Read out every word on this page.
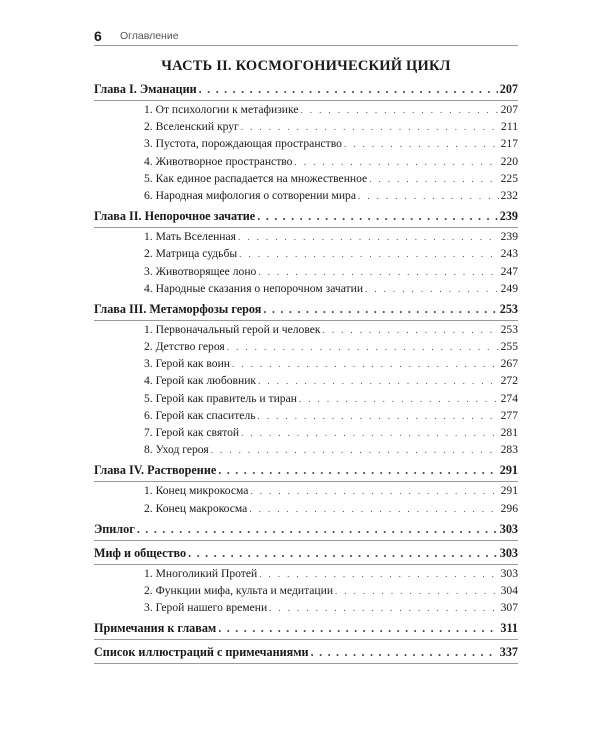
6 Оглавление
ЧАСТЬ II. КОСМОГОНИЧЕСКИЙ ЦИКЛ
Глава I. Эманации . . .	207
1. От психологии к метафизике . . .	207
2. Вселенский круг . . .	211
3. Пустота, порождающая пространство . . .	217
4. Животворное пространство . . .	220
5. Как единое распадается на множественное . . .	225
6. Народная мифология о сотворении мира . . .	232
Глава II. Непорочное зачатие . . .	239
1. Мать Вселенная . . .	239
2. Матрица судьбы . . .	243
3. Животворящее лоно . . .	247
4. Народные сказания о непорочном зачатии . . .	249
Глава III. Метаморфозы героя . . .	253
1. Первоначальный герой и человек . . .	253
2. Детство героя . . .	255
3. Герой как воин . . .	267
4. Герой как любовник . . .	272
5. Герой как правитель и тиран . . .	274
6. Герой как спаситель . . .	277
7. Герой как святой . . .	281
8. Уход героя . . .	283
Глава IV. Растворение . . .	291
1. Конец микрокосма . . .	291
2. Конец макрокосма . . .	296
Эпилог . . .	303
Миф и общество . . .	303
1. Многоликий Протей . . .	303
2. Функции мифа, культа и медитации . . .	304
3. Герой нашего времени . . .	307
Примечания к главам . . .	311
Список иллюстраций с примечаниями . . .	337
